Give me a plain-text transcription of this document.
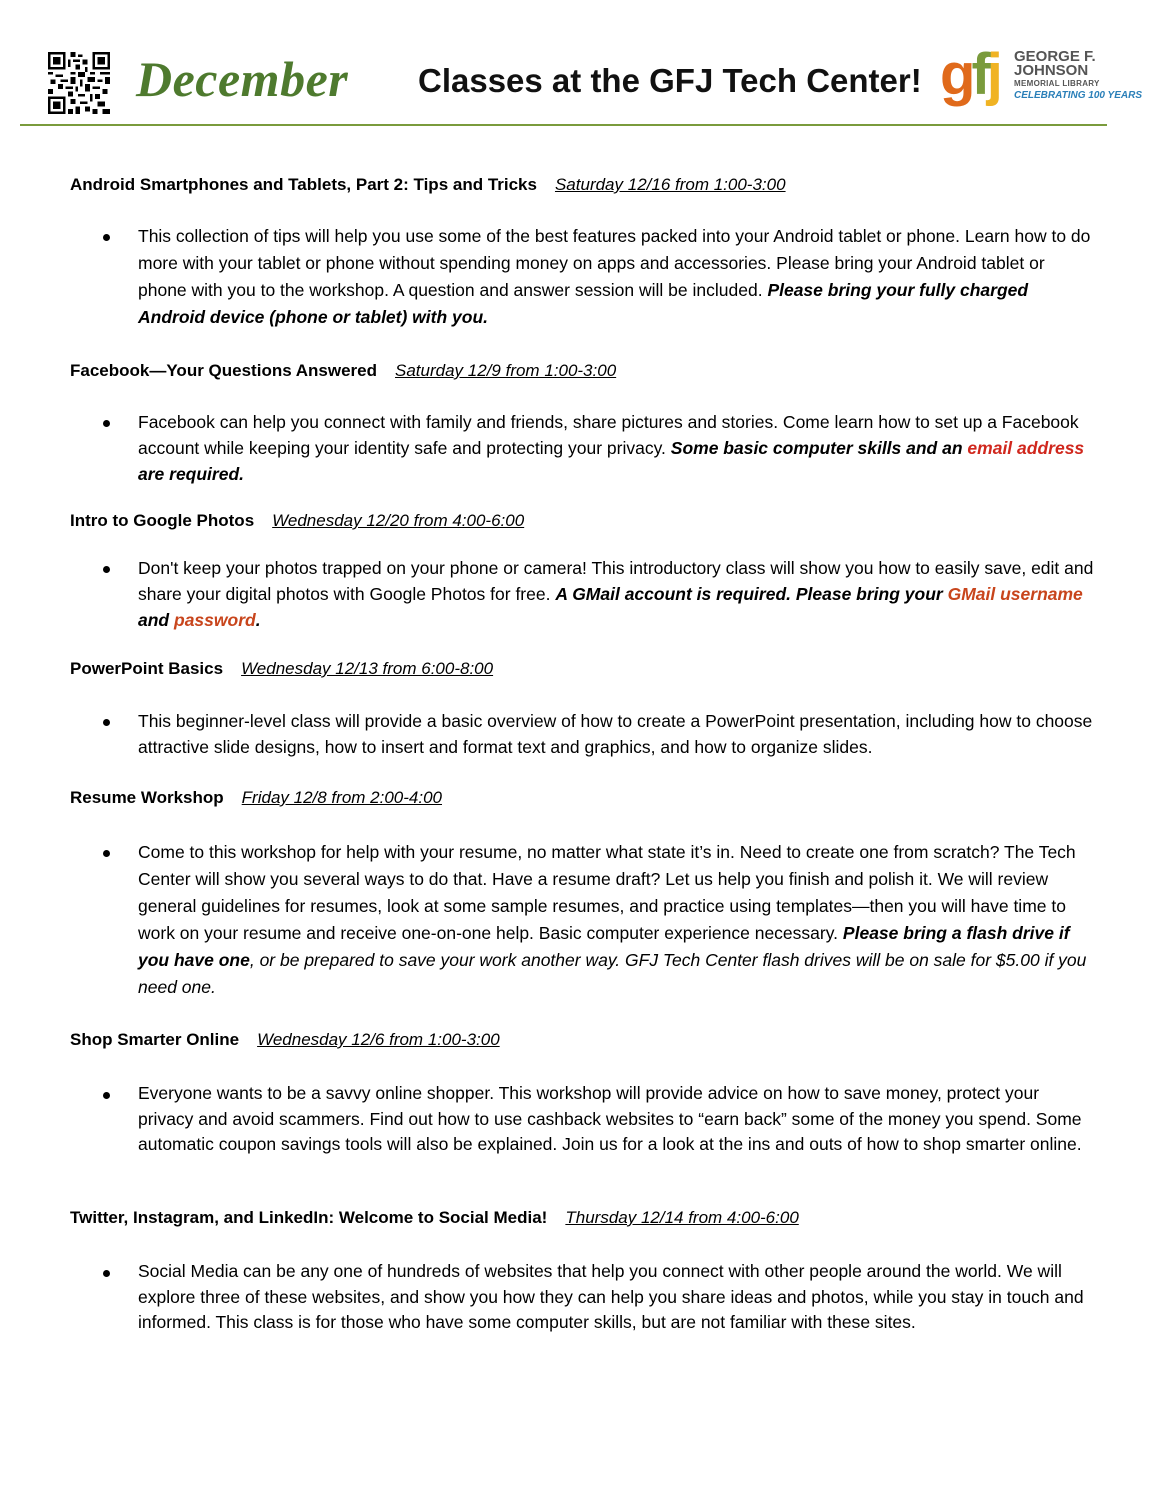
December Classes at the GFJ Tech Center! gfj GEORGE F.
JOHNSON
MEMORIAL LIBRARY
CELEBRATING 100 YEARS
Android Smartphones and Tablets, Part 2: Tips and Tricks Saturday 12/16 from 1:00-3:00
This collection of tips will help you use some of the best features packed into your Android tablet or phone. Learn how to do more with your tablet or phone without spending money on apps and accessories. Please bring your Android tablet or phone with you to the workshop. A question and answer session will be included. Please bring your fully charged Android device (phone or tablet) with you.
Facebook—Your Questions Answered Saturday 12/9 from 1:00-3:00
Facebook can help you connect with family and friends, share pictures and stories. Come learn how to set up a Facebook account while keeping your identity safe and protecting your privacy. Some basic computer skills and an email address are required.
Intro to Google Photos Wednesday 12/20 from 4:00-6:00
Don't keep your photos trapped on your phone or camera! This introductory class will show you how to easily save, edit and share your digital photos with Google Photos for free. A GMail account is required. Please bring your GMail username and password.
PowerPoint Basics Wednesday 12/13 from 6:00-8:00
This beginner-level class will provide a basic overview of how to create a PowerPoint presentation, including how to choose attractive slide designs, how to insert and format text and graphics, and how to organize slides.
Resume Workshop Friday 12/8 from 2:00-4:00
Come to this workshop for help with your resume, no matter what state it’s in. Need to create one from scratch? The Tech Center will show you several ways to do that. Have a resume draft? Let us help you finish and polish it. We will review general guidelines for resumes, look at some sample resumes, and practice using templates—then you will have time to work on your resume and receive one-on-one help. Basic computer experience necessary. Please bring a flash drive if you have one, or be prepared to save your work another way. GFJ Tech Center flash drives will be on sale for $5.00 if you need one.
Shop Smarter Online Wednesday 12/6 from 1:00-3:00
Everyone wants to be a savvy online shopper. This workshop will provide advice on how to save money, protect your privacy and avoid scammers. Find out how to use cashback websites to “earn back” some of the money you spend. Some automatic coupon savings tools will also be explained. Join us for a look at the ins and outs of how to shop smarter online.
Twitter, Instagram, and LinkedIn: Welcome to Social Media! Thursday 12/14 from 4:00-6:00
Social Media can be any one of hundreds of websites that help you connect with other people around the world. We will explore three of these websites, and show you how they can help you share ideas and photos, while you stay in touch and informed. This class is for those who have some computer skills, but are not familiar with these sites.
